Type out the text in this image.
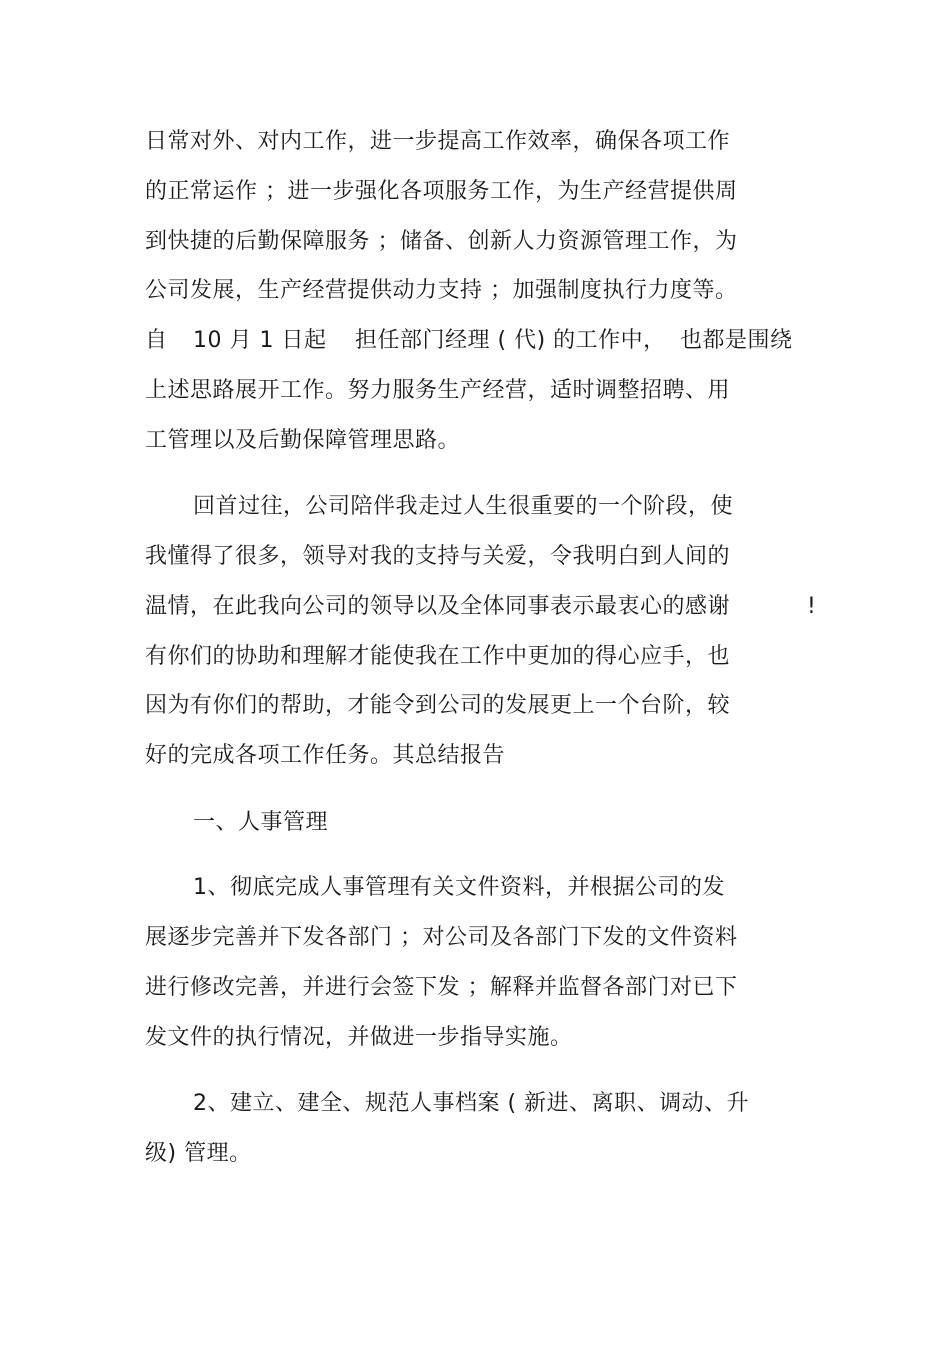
日常对外、对内工作，进一步提高工作效率，确保各项工作
的正常运作 ；进一步强化各项服务工作，为生产经营提供周
到快捷的后勤保障服务 ；储备、创新人力资源管理工作，为
公司发展，生产经营提供动力支持 ；加强制度执行力度等。

自

10 月 1 日起

担任部门经理 ( 代) 的工作中，

也都是围绕

上述思路展开工作。努力服务生产经营，适时调整招聘、用
工管理以及后勤保障管理思路。
回首过往，公司陪伴我走过人生很重要的一个阶段，使
我懂得了很多，领导对我的支持与关爱，令我明白到人间的

温情，在此我向公司的领导以及全体同事表示最衷心的感谢

	!

有你们的协助和理解才能使我在工作中更加的得心应手，也
因为有你们的帮助，才能令到公司的发展更上一个台阶，较
好的完成各项工作任务。其总结报告
一、人事管理
1、彻底完成人事管理有关文件资料，并根据公司的发
展逐步完善并下发各部门 ；对公司及各部门下发的文件资料
进行修改完善，并进行会签下发 ；解释并监督各部门对已下
发文件的执行情况，并做进一步指导实施。
2、建立、建全、规范人事档案 ( 新进、离职、调动、升
级) 管理。
